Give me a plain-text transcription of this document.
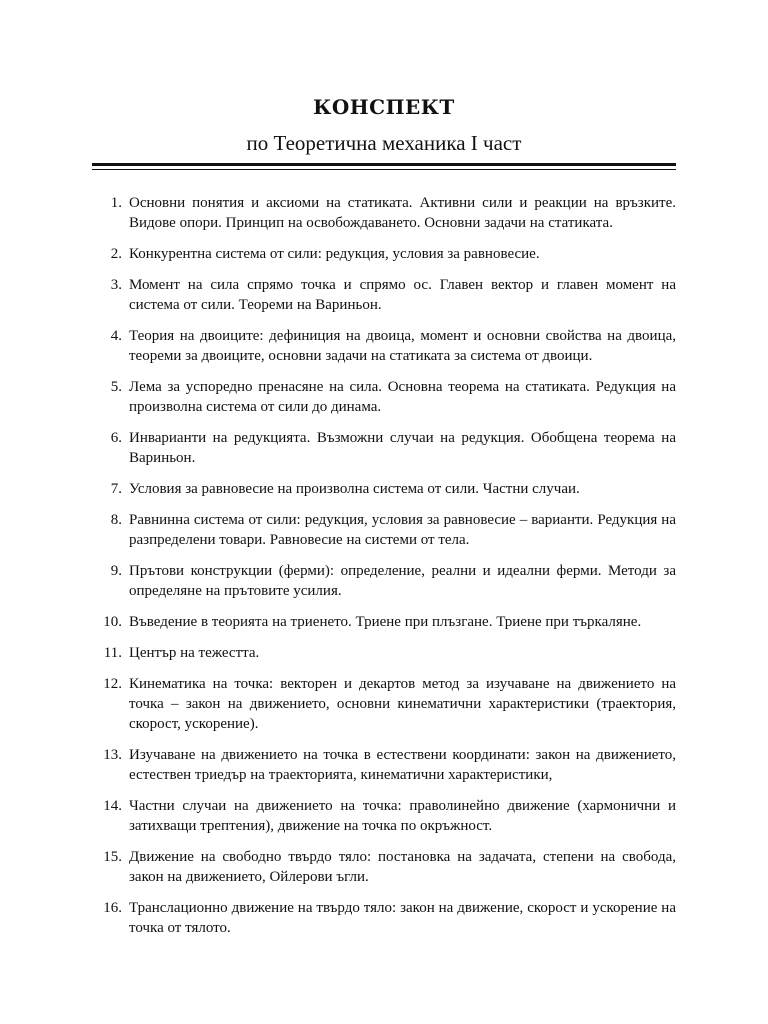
КОНСПЕКТ
по Теоретична механика I част
1. Основни понятия и аксиоми на статиката. Активни сили и реакции на връзките. Видове опори. Принцип на освобождаването. Основни задачи на статиката.
2. Конкурентна система от сили: редукция, условия за равновесие.
3. Момент на сила спрямо точка и спрямо ос. Главен вектор и главен момент на система от сили. Теореми на Вариньон.
4. Теория на двоиците: дефиниция на двоица, момент и основни свойства на двоица, теореми за двоиците, основни задачи на статиката за система от двоици.
5. Лема за успоредно пренасяне на сила. Основна теорема на статиката. Редукция на произволна система от сили до динама.
6. Инварианти на редукцията. Възможни случаи на редукция. Обобщена теорема на Вариньон.
7. Условия за равновесие на произволна система от сили. Частни случаи.
8. Равнинна система от сили: редукция, условия за равновесие – варианти. Редукция на разпределени товари. Равновесие на системи от тела.
9. Прътови конструкции (ферми): определение, реални и идеални ферми. Методи за определяне на прътовите усилия.
10. Въведение в теорията на триенето. Триене при плъзгане. Триене при търкаляне.
11. Център на тежестта.
12. Кинематика на точка: векторен и декартов метод за изучаване на движението на точка – закон на движението, основни кинематични характеристики (траектория, скорост, ускорение).
13. Изучаване на движението на точка в естествени координати: закон на движението, естествен триедър на траекторията, кинематични характеристики,
14. Частни случаи на движението на точка: праволинейно движение (хармонични и затихващи трептения), движение на точка по окръжност.
15. Движение на свободно твърдо тяло: постановка на задачата, степени на свобода, закон на движението, Ойлерови ъгли.
16. Транслационно движение на твърдо тяло: закон на движение, скорост и ускорение на точка от тялото.
